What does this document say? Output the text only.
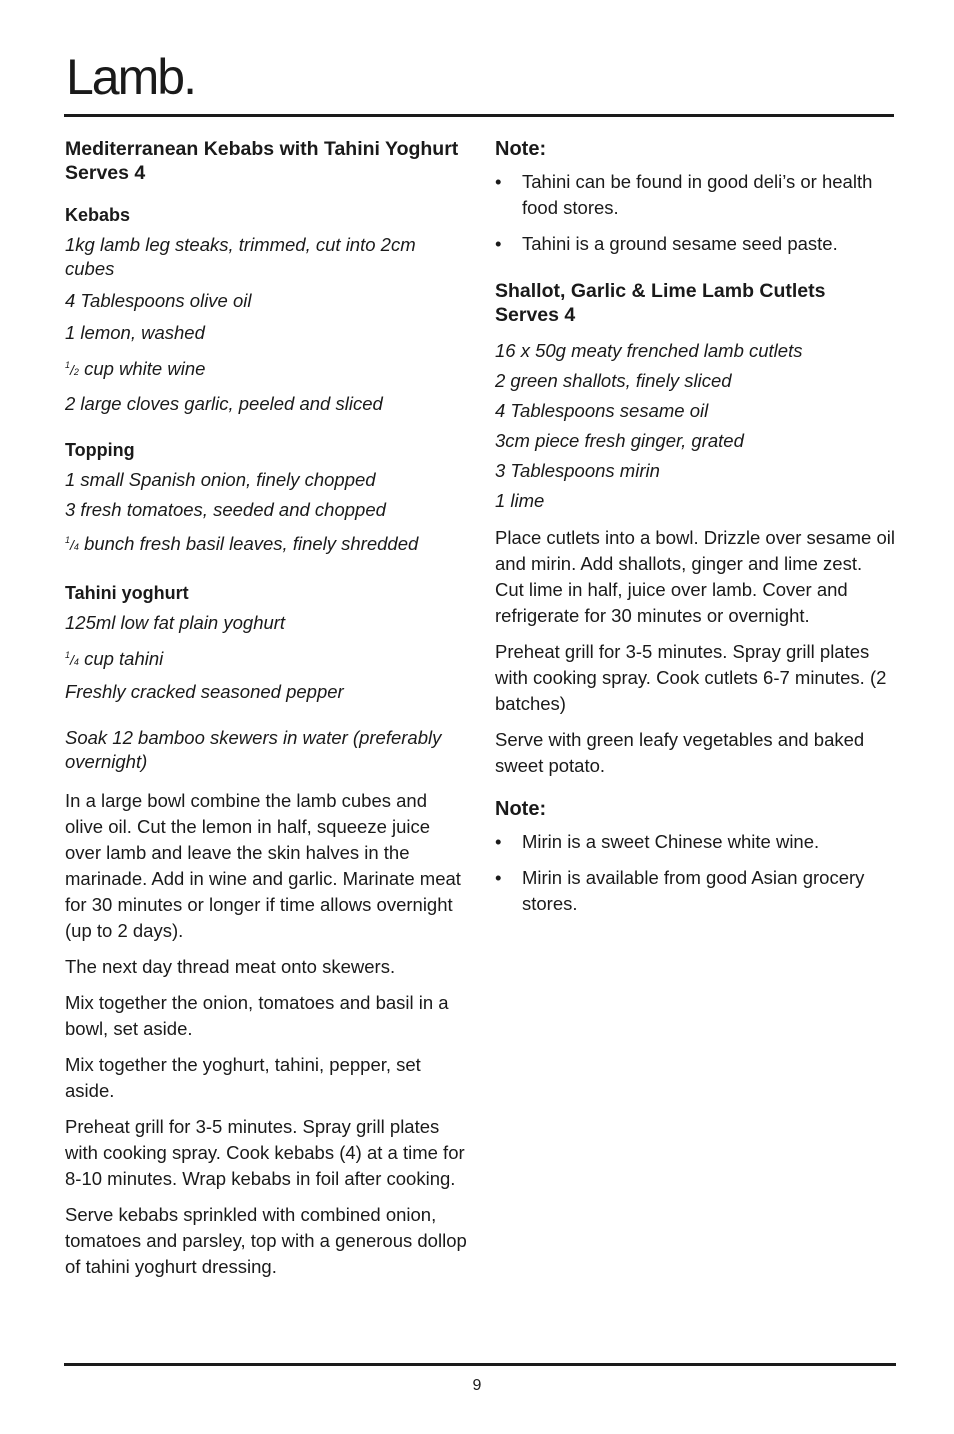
Lamb.
Mediterranean Kebabs with Tahini Yoghurt
Serves 4
Kebabs
1kg lamb leg steaks, trimmed, cut into 2cm cubes
4 Tablespoons olive oil
1 lemon, washed
$^1$/2 cup white wine
2 large cloves garlic, peeled and sliced
Topping
1 small Spanish onion, finely chopped
3 fresh tomatoes, seeded and chopped
$^1$/4 bunch fresh basil leaves, finely shredded
Tahini yoghurt
125ml low fat plain yoghurt
$^1$/4 cup tahini
Freshly cracked seasoned pepper
Soak 12 bamboo skewers in water (preferably overnight)

In a large bowl combine the lamb cubes and olive oil. Cut the lemon in half, squeeze juice over lamb and leave the skin halves in the marinade. Add in wine and garlic. Marinate meat for 30 minutes or longer if time allows overnight (up to 2 days).

The next day thread meat onto skewers.

Mix together the onion, tomatoes and basil in a bowl, set aside.

Mix together the yoghurt, tahini, pepper, set aside.

Preheat grill for 3-5 minutes. Spray grill plates with cooking spray. Cook kebabs (4) at a time for 8-10 minutes. Wrap kebabs in foil after cooking.

Serve kebabs sprinkled with combined onion, tomatoes and parsley, top with a generous dollop of tahini yoghurt dressing.

Note:
• Tahini can be found in good deli’s or health food stores.
• Tahini is a ground sesame seed paste.
Shallot, Garlic & Lime Lamb Cutlets
Serves 4
16 x 50g meaty frenched lamb cutlets
2 green shallots, finely sliced
4 Tablespoons sesame oil
3cm piece fresh ginger, grated
3 Tablespoons mirin
1 lime

Place cutlets into a bowl. Drizzle over sesame oil and mirin. Add shallots, ginger and lime zest. Cut lime in half, juice over lamb. Cover and refrigerate for 30 minutes or overnight.

Preheat grill for 3-5 minutes. Spray grill plates with cooking spray. Cook cutlets 6-7 minutes. (2 batches)

Serve with green leafy vegetables and baked sweet potato.

Note:
• Mirin is a sweet Chinese white wine.
• Mirin is available from good Asian grocery stores.
9
